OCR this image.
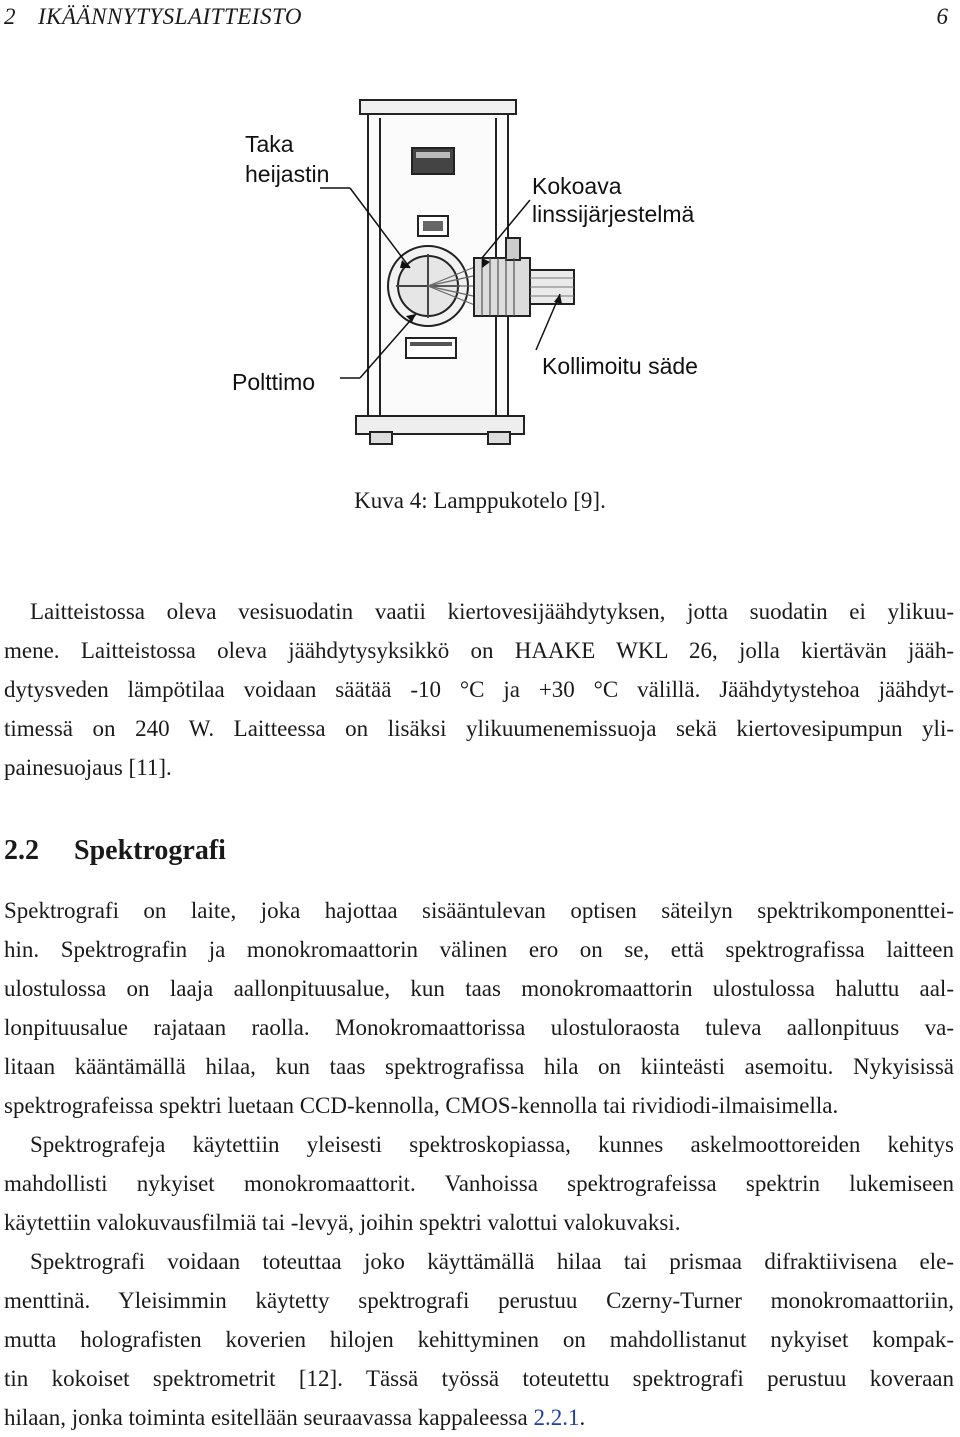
2 IKÄÄNNYTYSLAITTEISTO	6
Taka
heijastin	Kokoava
linssijärjestelmä
Polttimo
Kollimoitu säde
Kuva 4: Lamppukotelo [9].
Laitteistossa oleva vesisuodatin vaatii kiertovesijäähdytyksen, jotta suodatin ei ylikuu-
mene. Laitteistossa oleva jäähdytysyksikkö on HAAKE WKL 26, jolla kiertävän jääh-
dytysveden lämpötilaa voidaan säätää -10 °C ja +30 °C välillä. Jäähdytystehoa jäähdyt-
timessä on 240 W. Laitteessa on lisäksi ylikuumenemissuoja sekä kiertovesipumpun yli-
painesuojaus [11].
2.2 Spektrografi
Spektrografi on laite, joka hajottaa sisääntulevan optisen säteilyn spektrikomponenttei-
hin. Spektrografin ja monokromaattorin välinen ero on se, että spektrografissa laitteen
ulostulossa on laaja aallonpituusalue, kun taas monokromaattorin ulostulossa haluttu aal-
lonpituusalue rajataan raolla. Monokromaattorissa ulostuloraosta tuleva aallonpituus va-
litaan kääntämällä hilaa, kun taas spektrografissa hila on kiinteästi asemoitu. Nykyisissä
spektrografeissa spektri luetaan CCD-kennolla, CMOS-kennolla tai rividiodi-ilmaisimella.
Spektrografeja käytettiin yleisesti spektroskopiassa, kunnes askelmoottoreiden kehitys
mahdollisti nykyiset monokromaattorit. Vanhoissa spektrografeissa spektrin lukemiseen
käytettiin valokuvausfilmiä tai -levyä, joihin spektri valottui valokuvaksi.
Spektrografi voidaan toteuttaa joko käyttämällä hilaa tai prismaa difraktiivisena ele-
menttinä. Yleisimmin käytetty spektrografi perustuu Czerny-Turner monokromaattoriin,
mutta holografisten koverien hilojen kehittyminen on mahdollistanut nykyiset kompak-
tin kokoiset spektrometrit [12]. Tässä työssä toteutettu spektrografi perustuu koveraan
hilaan, jonka toiminta esitellään seuraavassa kappaleessa 2.2.1.
